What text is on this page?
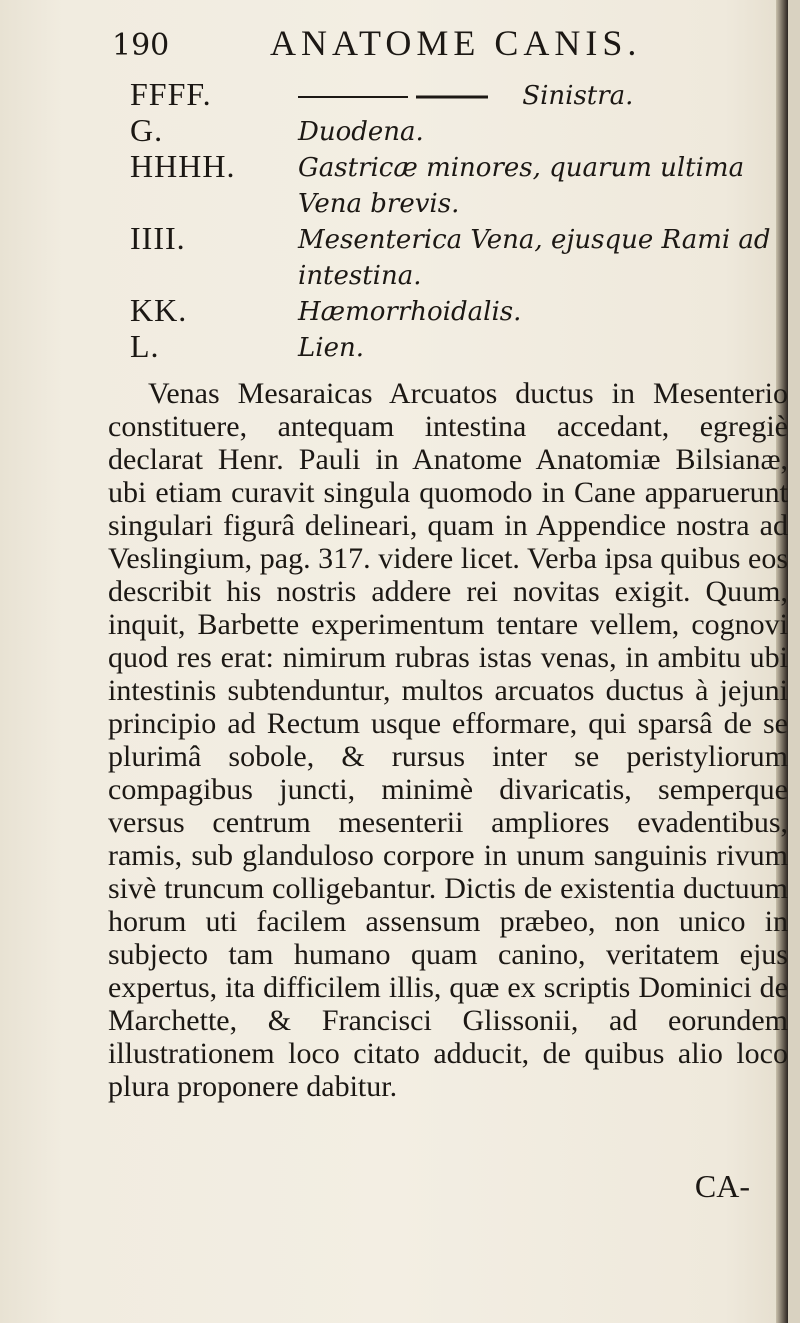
190	ANATOME CANIS.
FFFF.	Sinistra.
G.	Duodena.
HHHH. Gastricæ minores, quarum ultima Vena brevis.
IIII.	Mesenterica Vena, ejusque Rami ad intestina.
KK.	Hæmorrhoidalis.
L.	Lien.

Venas Mesaraicas Arcuatos ductus in Mesenterio constituere, antequam intestina accedant, egregiè declarat Henr. Pauli in Anatome Anatomiæ Bilsianæ, ubi etiam curavit singula quomodo in Cane apparuerunt singulari figurâ delineari, quam in Appendice nostra ad Veslingium, pag. 317. videre licet. Verba ipsa quibus eos describit his nostris addere rei novitas exigit. Quum, inquit, Barbette experimentum tentare vellem, cognovi quod res erat: nimirum rubras istas venas, in ambitu ubi intestinis subtenduntur, multos arcuatos ductus à jejuni principio ad Rectum usque efformare, qui sparsâ de se plurimâ sobole, & rursus inter se peristyliorum compagibus juncti, minimè divaricatis, semperque versus centrum mesenterii ampliores evadentibus, ramis, sub glanduloso corpore in unum sanguinis rivum sivè truncum colligebantur. Dictis de existentia ductuum horum uti facilem assensum præbeo, non unico in subjecto tam humano quam canino, veritatem ejus expertus, ita difficilem illis, quæ ex scriptis Dominici de Marchette, & Francisci Glissonii, ad eorundem illustrationem loco citato adducit, de quibus alio loco plura proponere dabitur.

CA-
